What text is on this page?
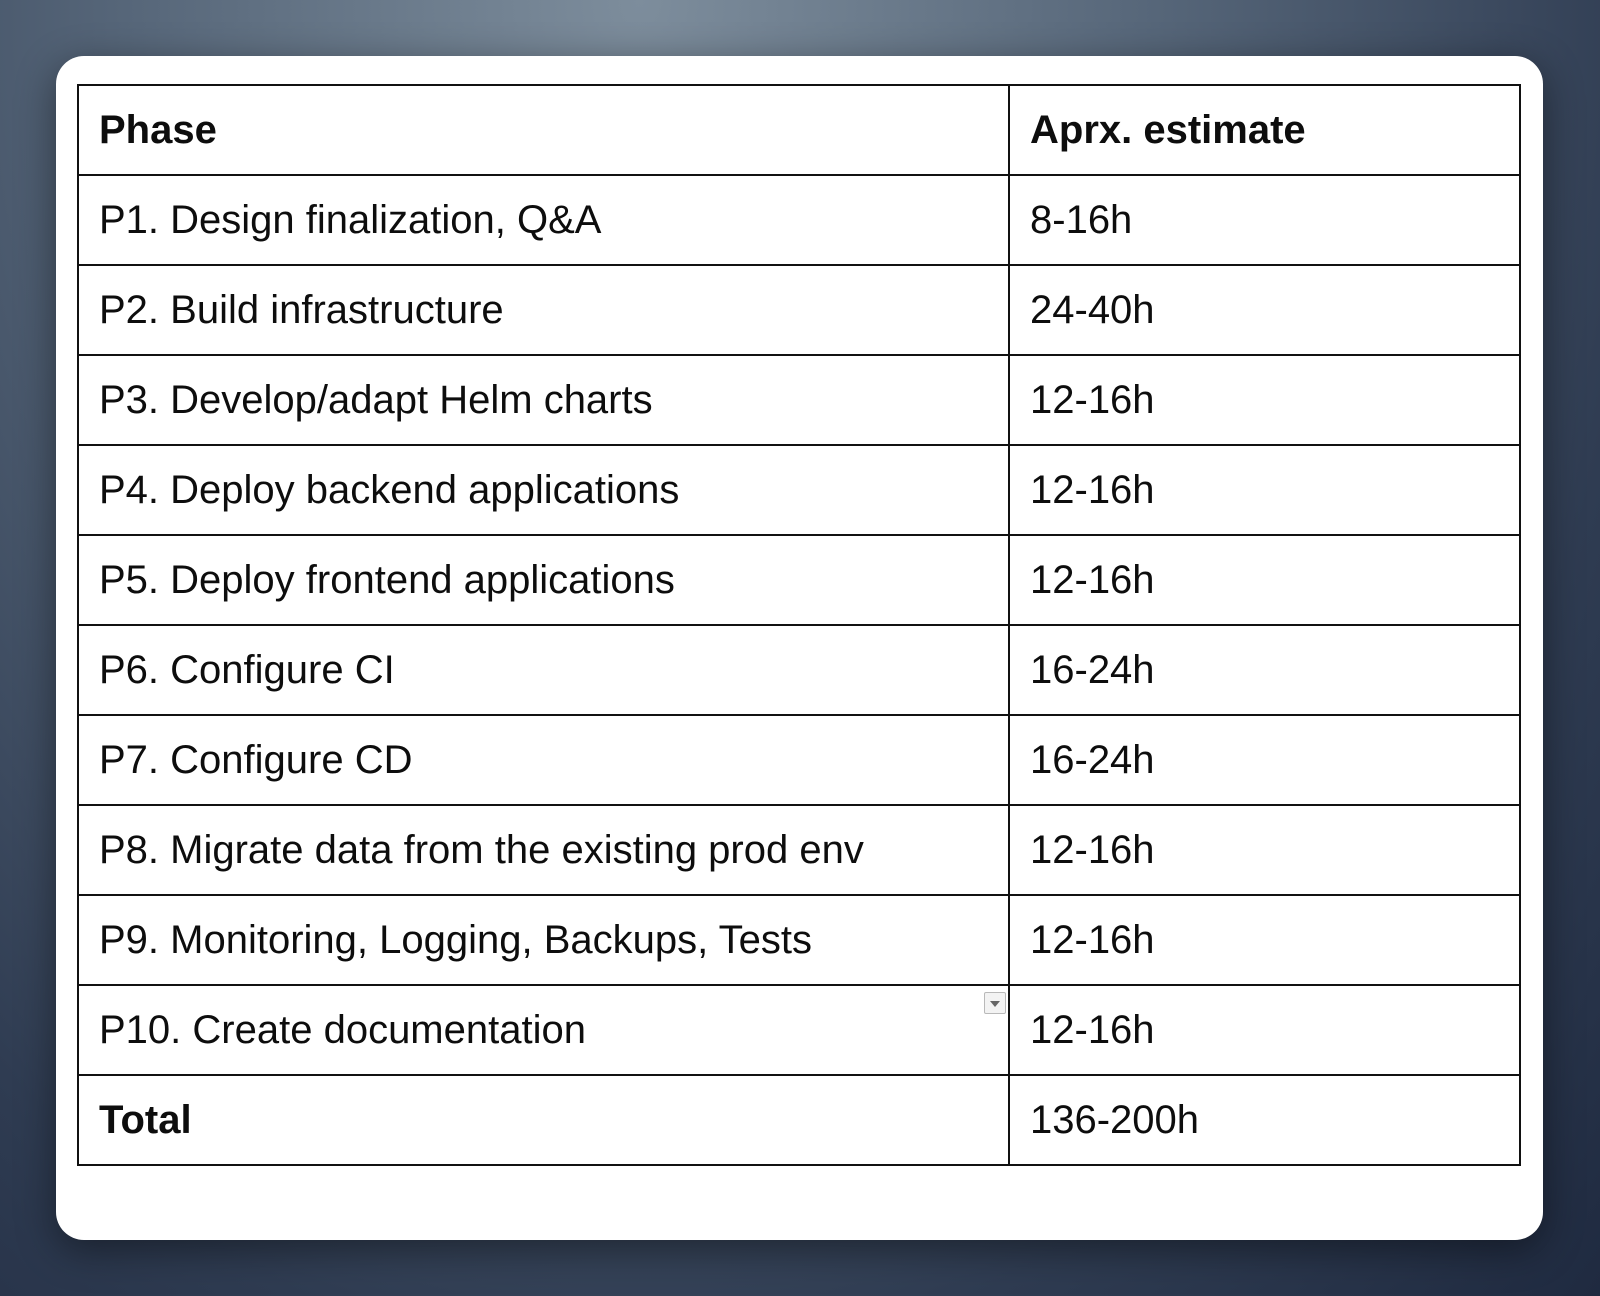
Phase	Aprx. estimate
P1. Design finalization, Q&A	8-16h
P2. Build infrastructure	24-40h
P3. Develop/adapt Helm charts	12-16h
P4. Deploy backend applications	12-16h
P5. Deploy frontend applications	12-16h
P6. Configure CI	16-24h
P7. Configure CD	16-24h
P8. Migrate data from the existing prod env	12-16h
P9. Monitoring, Logging, Backups, Tests	12-16h
P10. Create documentation	12-16h
Total	136-200h
